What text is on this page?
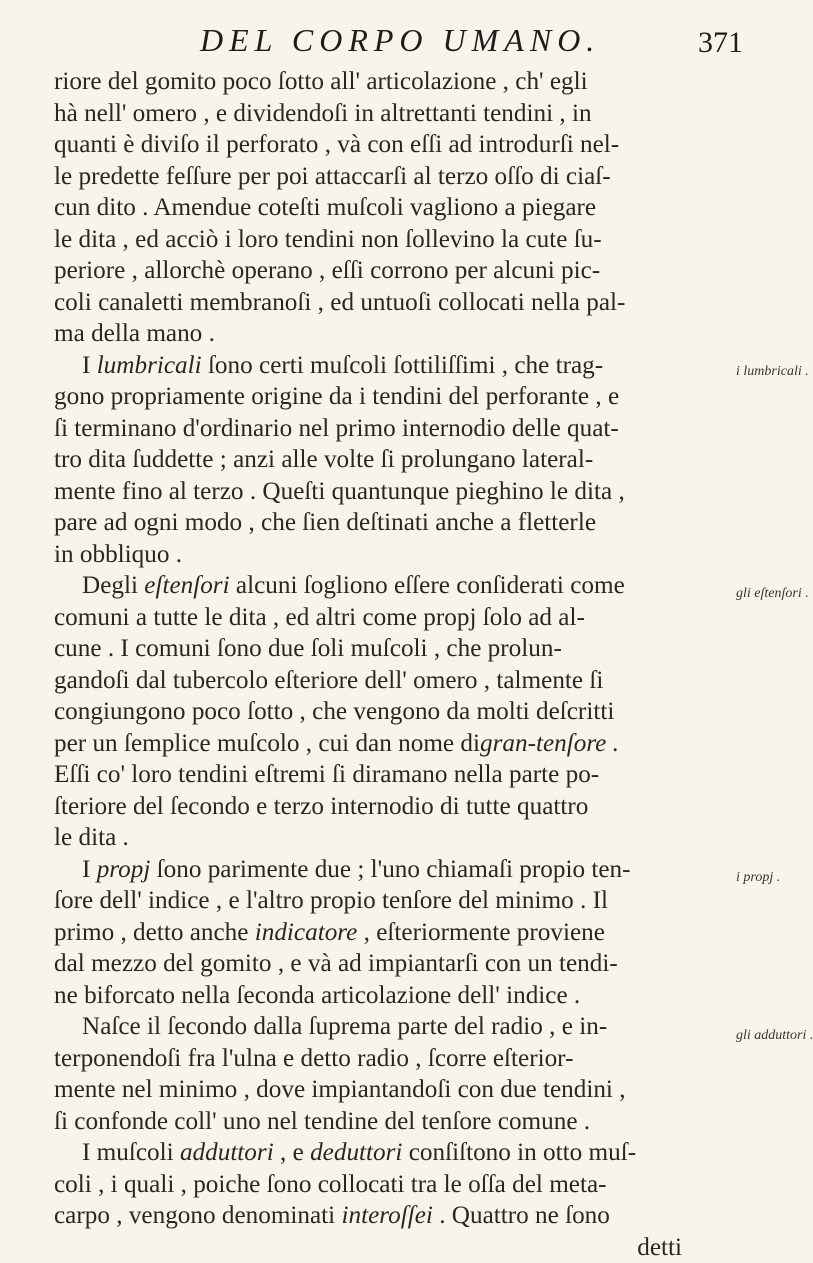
DEL CORPO UMANO.	371
riore del gomito poco ſotto all' articolazione , ch' egli
hà nell' omero , e dividendoſi in altrettanti tendini , in
quanti è diviſo il perforato , và con eſſi ad introdurſi nel-
le predette feſſure per poi attaccarſi al terzo oſſo di ciaſ-
cun dito . Amendue coteſti muſcoli vagliono a piegare
le dita , ed acciò i loro tendini non ſollevino la cute ſu-
periore , allorchè operano , eſſi corrono per alcuni pic-
coli canaletti membranoſi , ed untuoſi collocati nella pal-
ma della mano .
I lumbricali ſono certi muſcoli ſottiliſſimi , che trag-
gono propriamente origine da i tendini del perforante , e
ſi terminano d'ordinario nel primo internodio delle quat-
tro dita ſuddette ; anzi alle volte ſi prolungano lateral-
mente fino al terzo . Queſti quantunque pieghino le dita ,
pare ad ogni modo , che ſien deſtinati anche a fletterle
in obbliquo .
Degli eſtenſori alcuni ſogliono eſſere conſiderati come
comuni a tutte le dita , ed altri come propj ſolo ad al-
cune . I comuni ſono due ſoli muſcoli , che prolun-
gandoſi dal tubercolo eſteriore dell' omero , talmente ſi
congiungono poco ſotto , che vengono da molti deſcritti
per un ſemplice muſcolo , cui dan nome digran-tenſore .
Eſſi co' loro tendini eſtremi ſi diramano nella parte po-
ſteriore del ſecondo e terzo internodio di tutte quattro
le dita .
I propj ſono parimente due ; l'uno chiamaſi propio ten-
ſore dell' indice , e l'altro propio tenſore del minimo . Il
primo , detto anche indicatore , eſteriormente proviene
dal mezzo del gomito , e và ad impiantarſi con un tendi-
ne biforcato nella ſeconda articolazione dell' indice .
Naſce il ſecondo dalla ſuprema parte del radio , e in-
terponendoſi fra l'ulna e detto radio , ſcorre eſterior-
mente nel minimo , dove impiantandoſi con due tendini ,
ſi confonde coll' uno nel tendine del tenſore comune .
I muſcoli adduttori , e deduttori conſiſtono in otto muſ-
coli , i quali , poiche ſono collocati tra le oſſa del meta-
carpo , vengono denominati interoſſei . Quattro ne ſono
detti
i lumbricali .
gli eſtenſori .
i propj .
gli adduttori .
